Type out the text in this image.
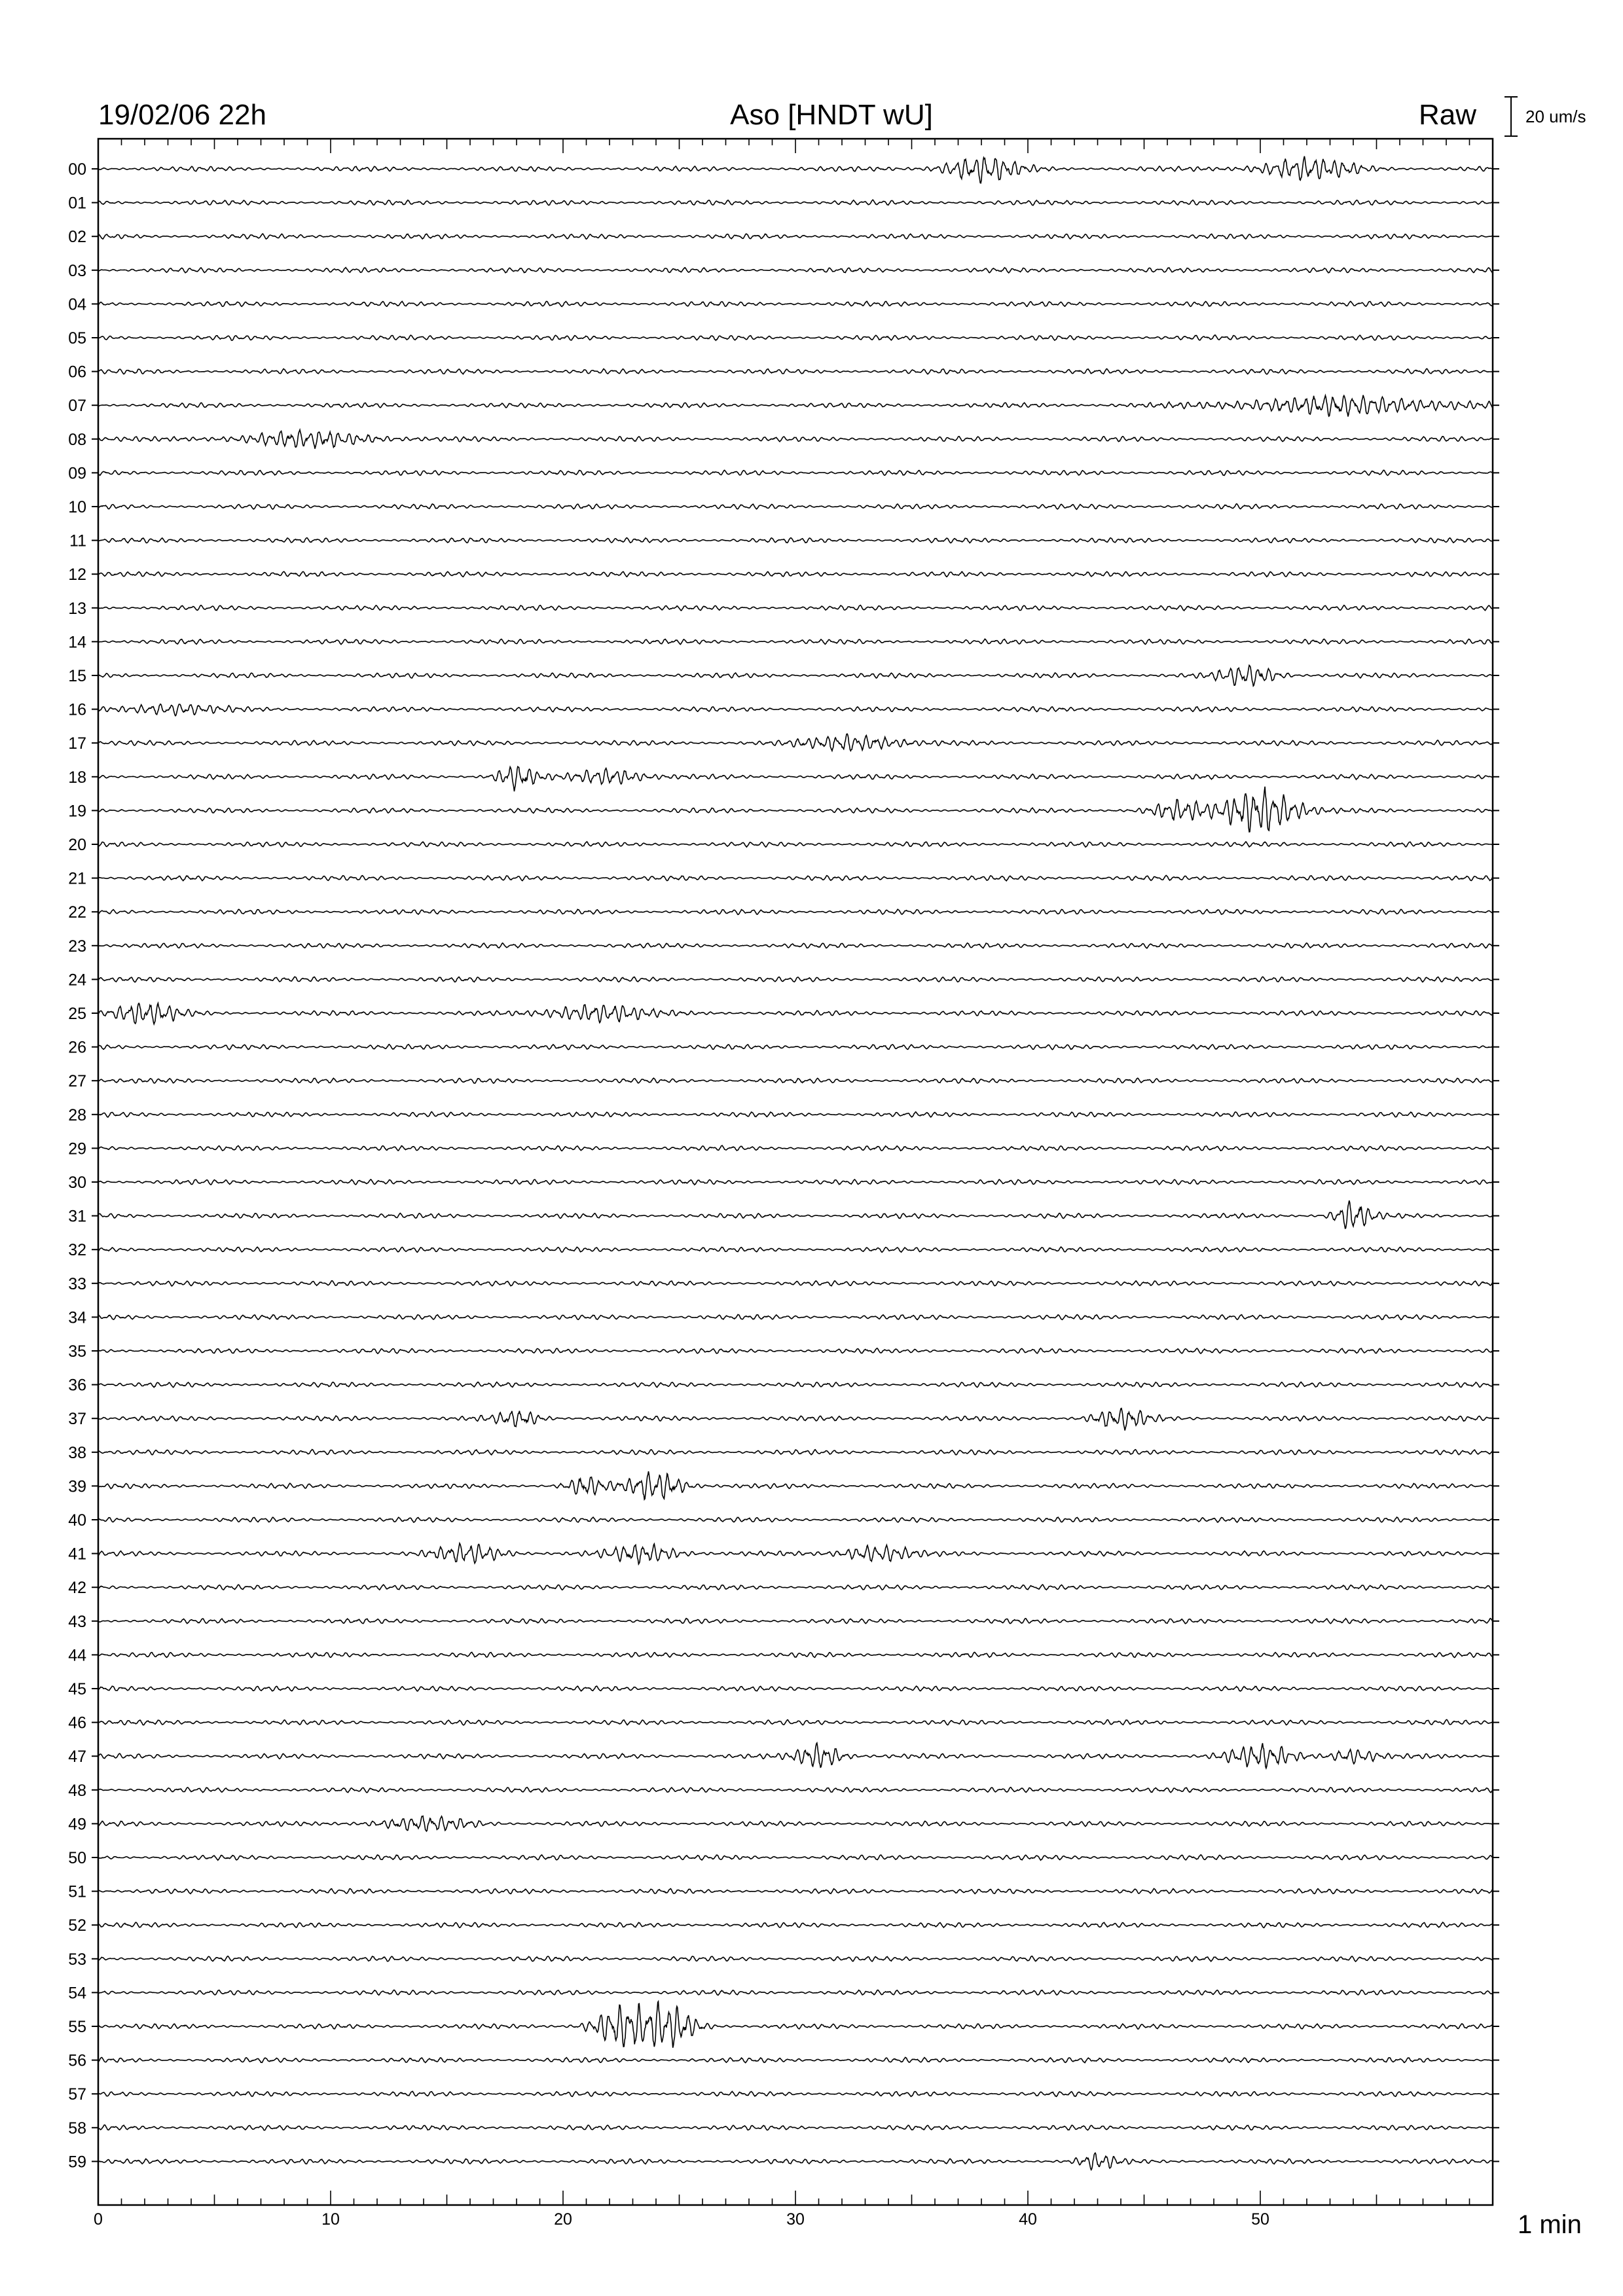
19/02/06 22h	Aso [HNDT wU]	Raw	20 um/s
00
01
02
03
04
05
06
07
08
09
10
11
12
13
14
15
16
17
18
19
20
21
22
23
24
25
26
27
28
29
30
31
32
33
34
35
36
37
38
39
40
41
42
43
44
45
46
47
48
49
50
51
52
53
54
55
56
57
58
59
0	10	20	30	40	50	1 min
